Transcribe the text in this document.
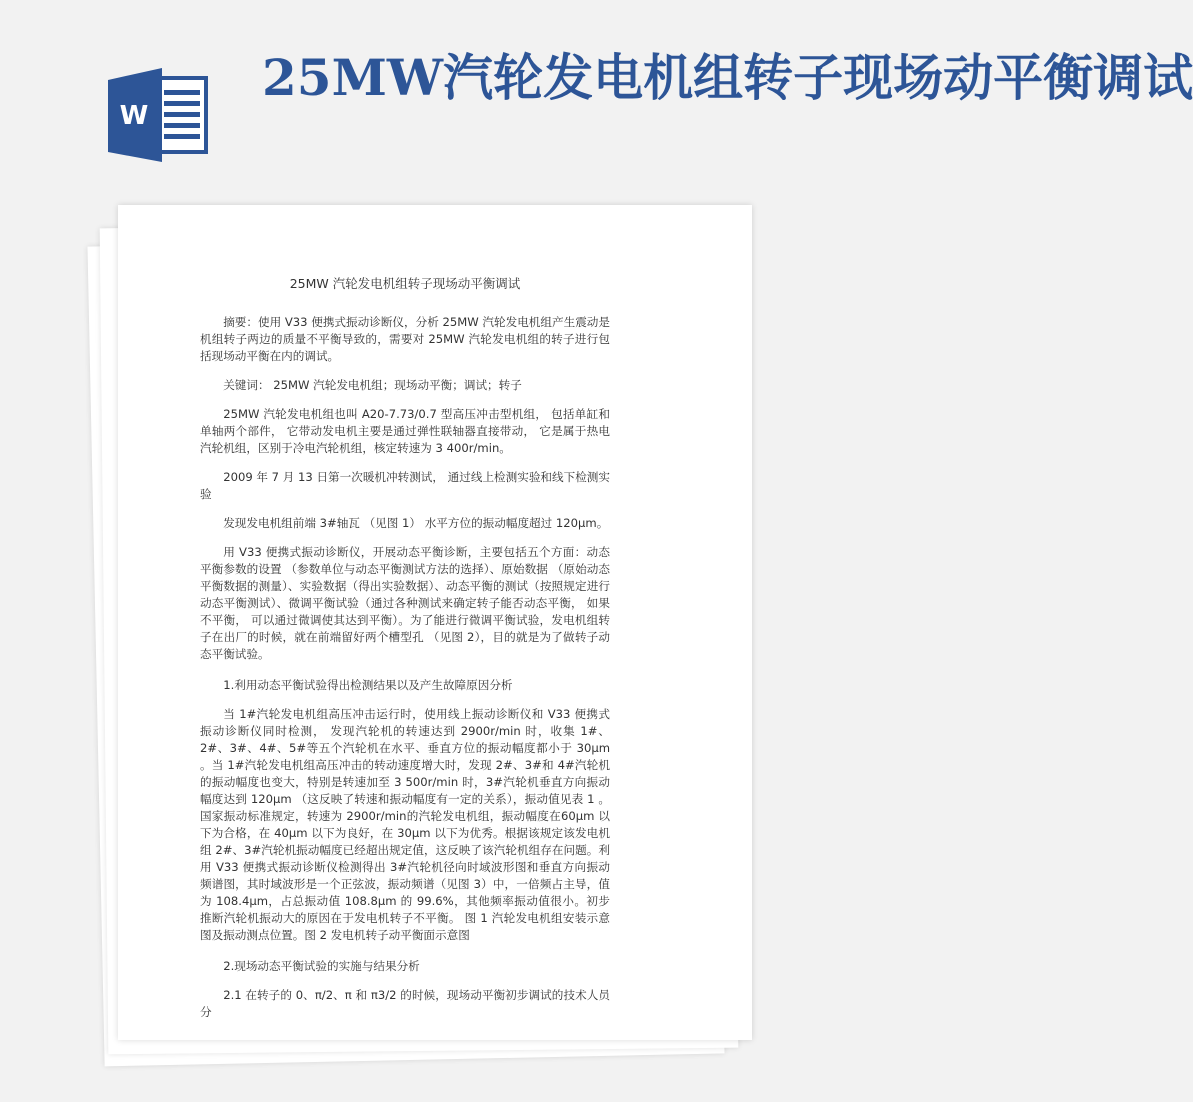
W
25MW汽轮发电机组转子现场动平衡调试
25MW 汽轮发电机组转子现场动平衡调试

摘要：使用 V33 便携式振动诊断仪，分析 25MW 汽轮发电机组产生震动是机组转子两边的质量不平衡导致的，需要对 25MW 汽轮发电机组的转子进行包括现场动平衡在内的调试。

关键词： 25MW 汽轮发电机组；现场动平衡；调试；转子

25MW 汽轮发电机组也叫 A20-7.73/0.7 型高压冲击型机组， 包括单缸和单轴两个部件， 它带动发电机主要是通过弹性联轴器直接带动， 它是属于热电汽轮机组，区别于冷电汽轮机组，核定转速为 3 400r/min。

2009 年 7 月 13 日第一次暖机冲转测试， 通过线上检测实验和线下检测实验

发现发电机组前端 3#轴瓦 （见图 1） 水平方位的振动幅度超过 120μm。

用 V33 便携式振动诊断仪，开展动态平衡诊断，主要包括五个方面：动态平衡参数的设置 （参数单位与动态平衡测试方法的选择）、原始数据 （原始动态平衡数据的测量）、实验数据（得出实验数据）、动态平衡的测试（按照规定进行动态平衡测试）、微调平衡试验（通过各种测试来确定转子能否动态平衡， 如果不平衡， 可以通过微调使其达到平衡）。为了能进行微调平衡试验，发电机组转子在出厂的时候，就在前端留好两个槽型孔 （见图 2），目的就是为了做转子动态平衡试验。

1.利用动态平衡试验得出检测结果以及产生故障原因分析

当 1#汽轮发电机组高压冲击运行时，使用线上振动诊断仪和 V33 便携式振动诊断仪同时检测， 发现汽轮机的转速达到 2900r/min 时，收集 1#、2#、3#、4#、5#等五个汽轮机在水平、垂直方位的振动幅度都小于 30μm 。当 1#汽轮发电机组高压冲击的转动速度增大时，发现 2#、3#和 4#汽轮机的振动幅度也变大，特别是转速加至 3 500r/min 时，3#汽轮机垂直方向振动幅度达到 120μm （这反映了转速和振动幅度有一定的关系），振动值见表 1 。国家振动标准规定，转速为 2900r/min的汽轮发电机组，振动幅度在60μm 以下为合格，在 40μm 以下为良好，在 30μm 以下为优秀。根据该规定该发电机组 2#、3#汽轮机振动幅度已经超出规定值，这反映了该汽轮机组存在问题。利用 V33 便携式振动诊断仪检测得出 3#汽轮机径向时域波形图和垂直方向振动频谱图，其时域波形是一个正弦波，振动频谱（见图 3）中，一倍频占主导，值为 108.4μm，占总振动值 108.8μm 的 99.6%，其他频率振动值很小。初步推断汽轮机振动大的原因在于发电机转子不平衡。 图 1 汽轮发电机组安装示意图及振动测点位置。图 2 发电机转子动平衡面示意图

2.现场动态平衡试验的实施与结果分析

2.1 在转子的 0、π/2、π 和 π3/2 的时候，现场动平衡初步调试的技术人员分
